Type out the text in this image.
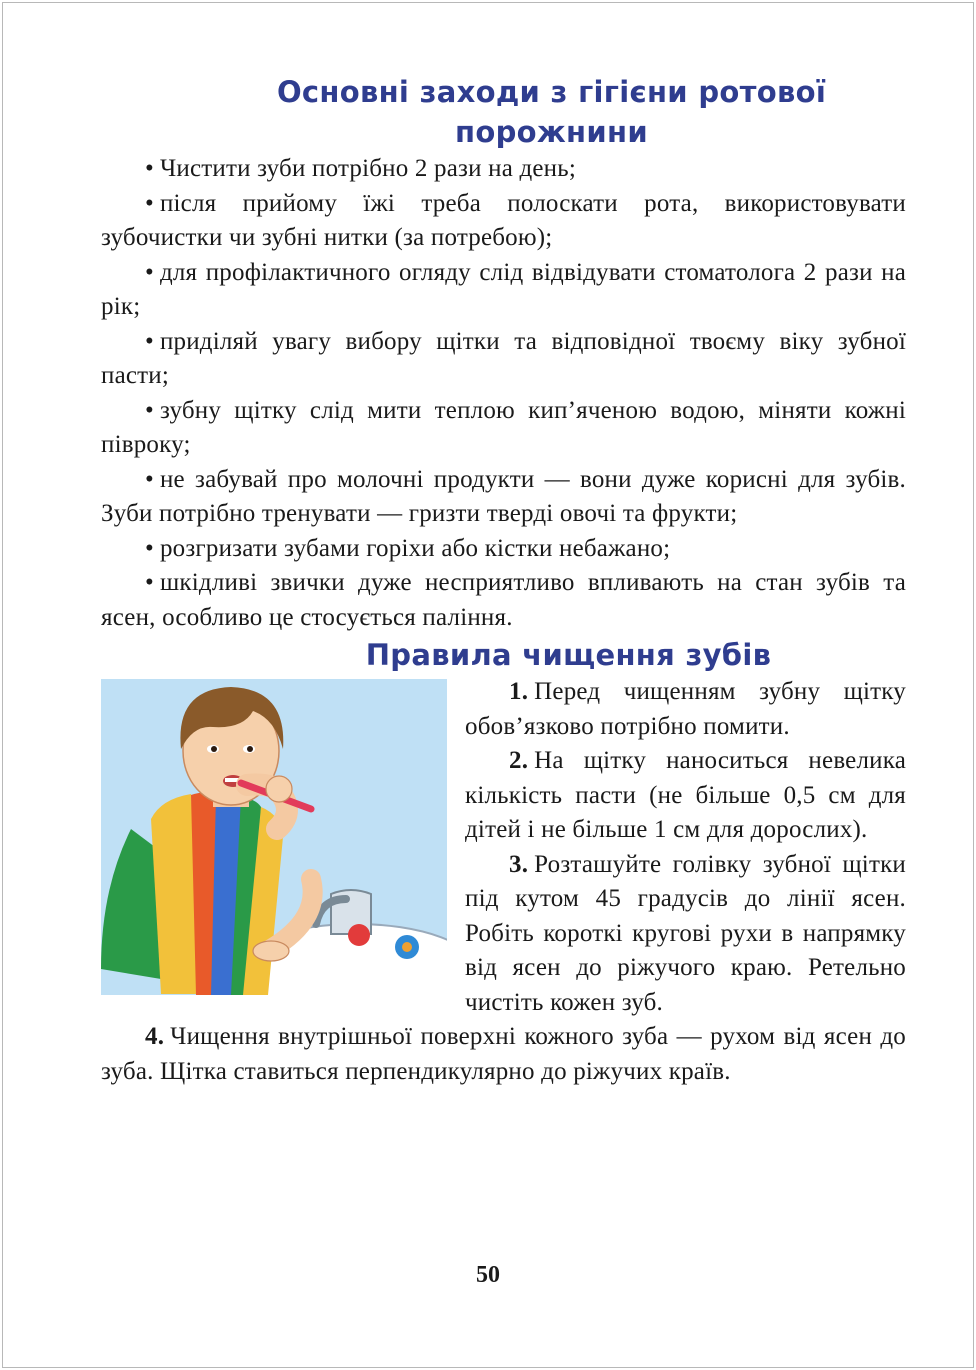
Основні заходи з гігієни ротової порожнини

• Чистити зуби потрібно 2 рази на день;

• після прийому їжі треба полоскати рота, використовувати зубочистки чи зубні нитки (за потребою);

• для профілактичного огляду слід відвідувати стоматолога 2 рази на рік;

• приділяй увагу вибору щітки та відповідної твоєму віку зубної пасти;

• зубну щітку слід мити теплою кип’яченою водою, міняти кожні півроку;

• не забувай про молочні продукти — вони дуже корисні для зубів. Зуби потрібно тренувати — гризти тверді овочі та фрукти;

• розгризати зубами горіхи або кістки небажано;

• шкідливі звички дуже несприятливо впливають на стан зубів та ясен, особливо це стосується паління.

Правила чищення зубів

1. Перед чищенням зубну щітку обов’язково потрібно помити.

2. На щітку наноситься невелика кількість пасти (не більше 0,5 см для дітей і не більше 1 см для дорослих).

3. Розташуйте голівку зубної щітки під кутом 45 градусів до лінії ясен. Робіть короткі кругові рухи в напрямку від ясен до ріжучого краю. Ретельно чистіть кожен зуб.

4. Чищення внутрішньої поверхні кожного зуба — рухом від ясен до зуба. Щітка ставиться перпендикулярно до ріжучих країв.

50
